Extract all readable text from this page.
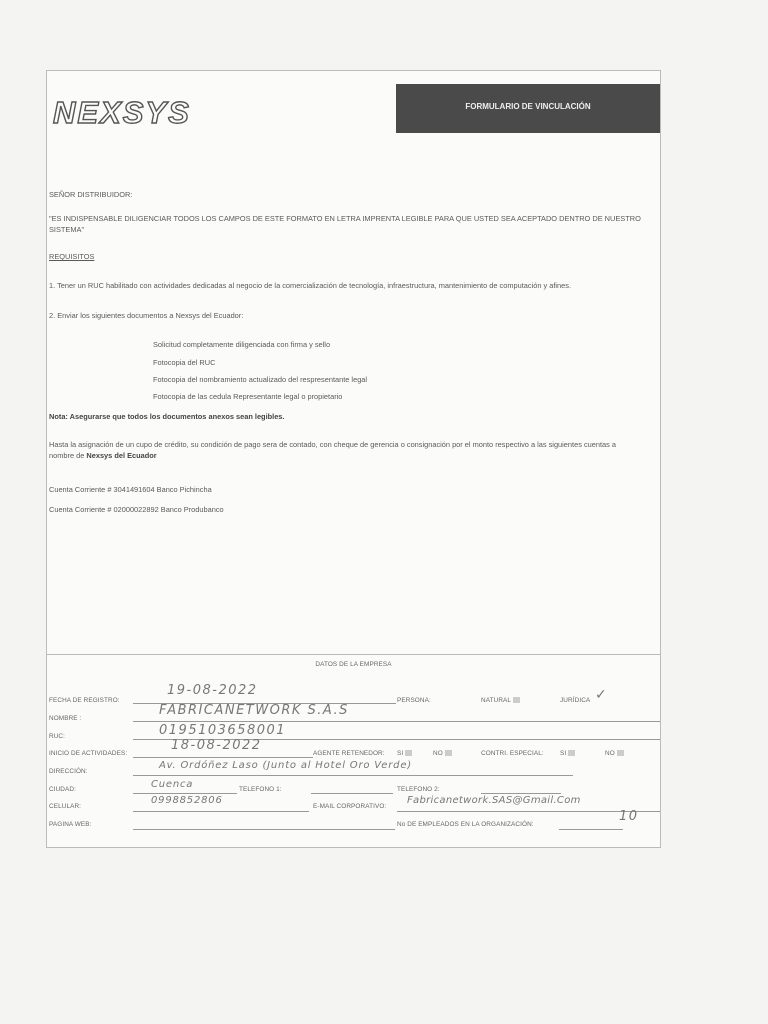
NEXSYS	FORMULARIO DE VINCULACIÓN
SEÑOR DISTRIBUIDOR:
"ES INDISPENSABLE DILIGENCIAR TODOS LOS CAMPOS DE ESTE FORMATO EN LETRA IMPRENTA LEGIBLE PARA QUE USTED SEA ACEPTADO DENTRO DE NUESTRO SISTEMA"
REQUISITOS
1. Tener un RUC habilitado con actividades dedicadas al negocio de la comercialización de tecnología, infraestructura, mantenimiento de computación y afines.
2. Enviar los siguientes documentos a Nexsys del Ecuador:
Solicitud completamente diligenciada con firma y sello
Fotocopia del RUC
Fotocopia del nombramiento actualizado del respresentante legal
Fotocopia de las cedula Representante legal o propietario
Nota: Asegurarse que todos los documentos anexos sean legibles.
Hasta la asignación de un cupo de crédito, su condición de pago sera de contado, con cheque de gerencia o consignación por el monto respectivo a las siguientes cuentas a nombre de Nexsys del Ecuador
Cuenta Corriente # 3041491604 Banco Pichincha
Cuenta Corriente # 02000022892 Banco Produbanco
DATOS DE LA EMPRESA
FECHA DE REGISTRO:
19-08-2022
PERSONA:	NATURAL	JURÍDICA ✓
NOMBRE :
FABRICANETWORK S.A.S
RUC:	0195103658001
INICIO DE ACTIVIDADES:
18-08-2022
AGENTE RETENEDOR: SI	NO	CONTRI. ESPECIAL:	SI	NO
DIRECCIÓN:
Av. Ordóñez Laso (Junto al Hotel Oro Verde)
CIUDAD:	Cuenca	TELEFONO 1:	TELEFONO 2:
CELULAR:
0998852806
E-MAIL CORPORATIVO:
Fabricanetwork.SAS@Gmail.Com
PAGINA WEB:	No DE EMPLEADOS EN LA ORGANIZACIÓN:
10
